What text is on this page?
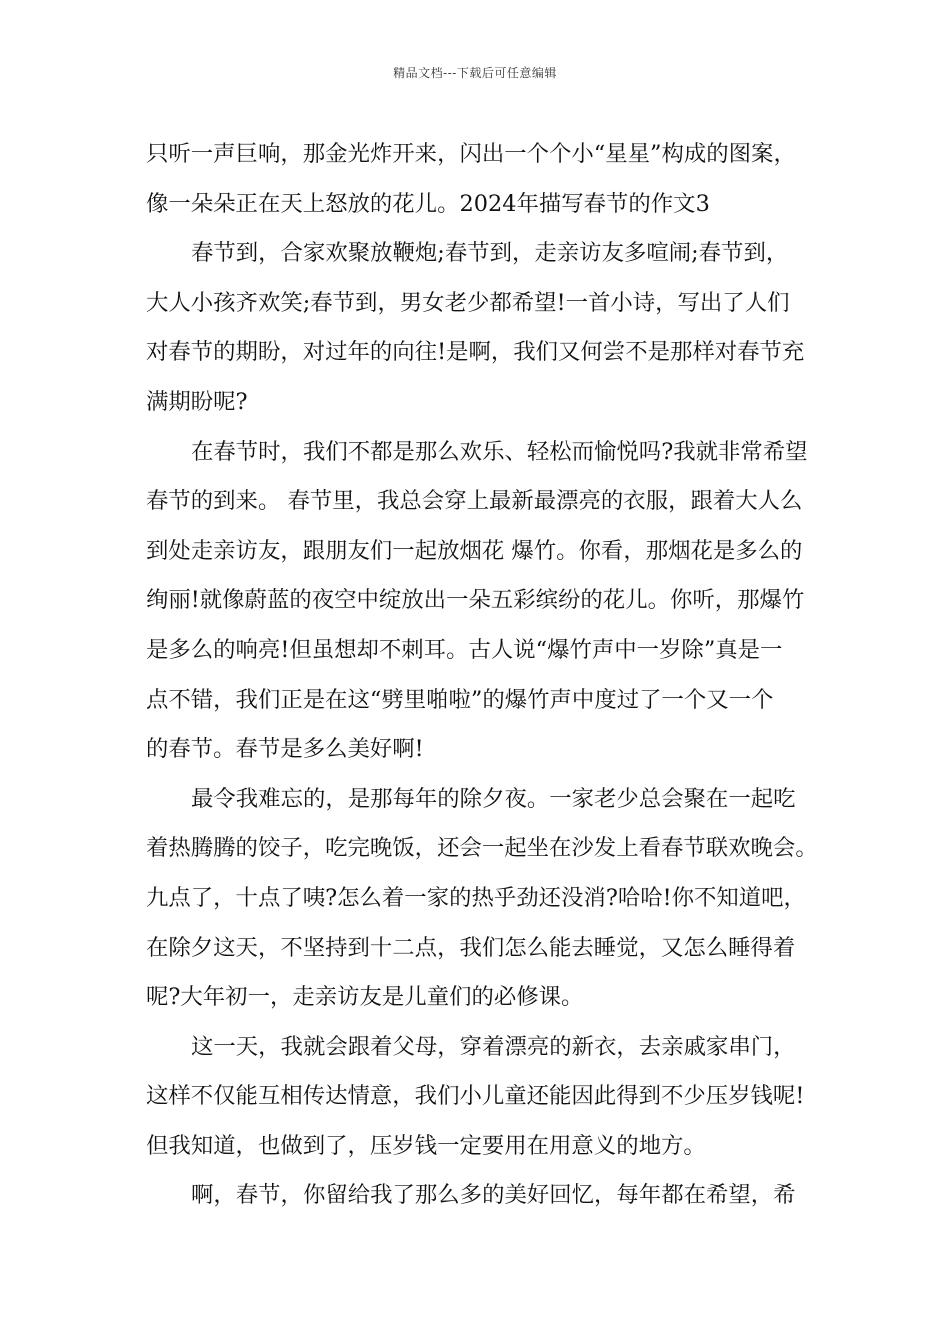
精品文档---下载后可任意编辑
只听一声巨响，那金光炸开来，闪出一个个小“星星”构成的图案，
像一朵朵正在天上怒放的花儿。2024年描写春节的作文3
春节到，合家欢聚放鞭炮;春节到，走亲访友多喧闹;春节到，
大人小孩齐欢笑;春节到，男女老少都希望!一首小诗，写出了人们
对春节的期盼，对过年的向往!是啊，我们又何尝不是那样对春节充
满期盼呢?
在春节时，我们不都是那么欢乐、轻松而愉悦吗?我就非常希望
春节的到来。 春节里，我总会穿上最新最漂亮的衣服，跟着大人么
到处走亲访友，跟朋友们一起放烟花 爆竹。你看，那烟花是多么的
绚丽!就像蔚蓝的夜空中绽放出一朵五彩缤纷的花儿。你听，那爆竹
是多么的响亮!但虽想却不刺耳。古人说“爆竹声中一岁除”真是一
点不错，我们正是在这“劈里啪啦”的爆竹声中度过了一个又一个
的春节。春节是多么美好啊!
最令我难忘的，是那每年的除夕夜。一家老少总会聚在一起吃
着热腾腾的饺子，吃完晚饭，还会一起坐在沙发上看春节联欢晚会。
九点了，十点了咦?怎么着一家的热乎劲还没消?哈哈!你不知道吧，
在除夕这天，不坚持到十二点，我们怎么能去睡觉，又怎么睡得着
呢?大年初一，走亲访友是儿童们的必修课。
这一天，我就会跟着父母，穿着漂亮的新衣，去亲戚家串门，
这样不仅能互相传达情意，我们小儿童还能因此得到不少压岁钱呢!
但我知道，也做到了，压岁钱一定要用在用意义的地方。
啊，春节，你留给我了那么多的美好回忆，每年都在希望，希
